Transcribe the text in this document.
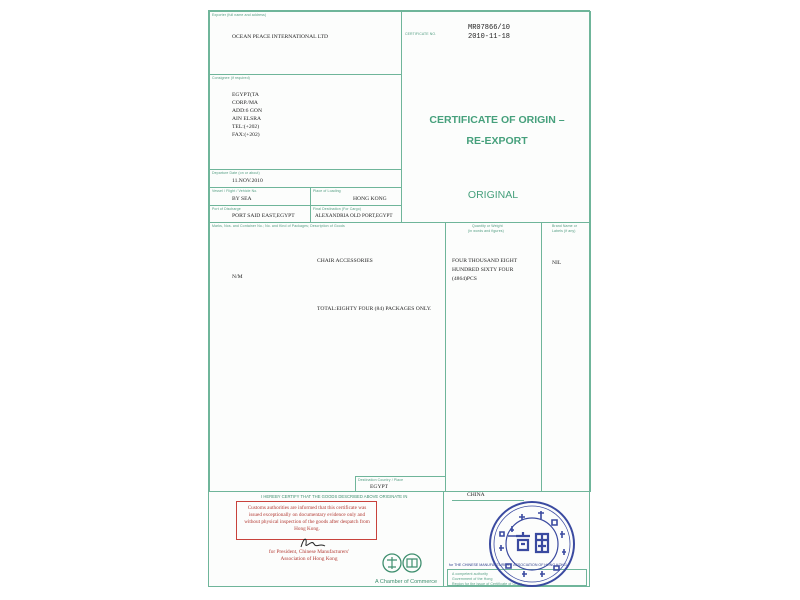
Exporter (full name and address)
OCEAN PEACE INTERNATIONAL LTD
Consignee (if required)
EGYPT(TA
CORP./MA
ADD:6 GON
AIN ELSRA
TEL:(+202)
FAX:(+202)
Departure Date (on or about)
11.NOV.2010
Vessel / Flight / Vehicle No.
BY SEA
Place of Loading
HONG KONG
Port of Discharge
PORT SAID EAST,EGYPT
Final Destination (For Cargo)
ALEXANDRIA OLD PORT,EGYPT
CERTIFICATE NO.
MR07866/10
2010-11-18
CERTIFICATE OF ORIGIN –
RE-EXPORT
ORIGINAL
Marks, Nos. and Container No.; No. and Kind of Packages; Description of Goods
N/M
CHAIR ACCESSORIES
TOTAL:EIGHTY FOUR (84) PACKAGES ONLY.
Quantity or Weight
(in words and figures)
FOUR THOUSAND EIGHT
HUNDRED SIXTY FOUR
(4864)PCS
Brand Name or
Labels (if any)
NIL
Destination Country / Place
EGYPT
I HEREBY CERTIFY THAT THE GOODS DESCRIBED ABOVE ORIGINATE IN	CHINA
for THE CHINESE MANUFACTURERS' ASSOCIATION OF HONG KONG
A competent authority
Government of the Hong
Region for the issue of Certificate of Origin
A Chamber of Commerce
Customs authorities are informed that this certificate was issued exceptionally on documentary evidence only and without physical inspection of the goods after despatch from Hong Kong.
for President, Chinese Manufacturers'
Association of Hong Kong
